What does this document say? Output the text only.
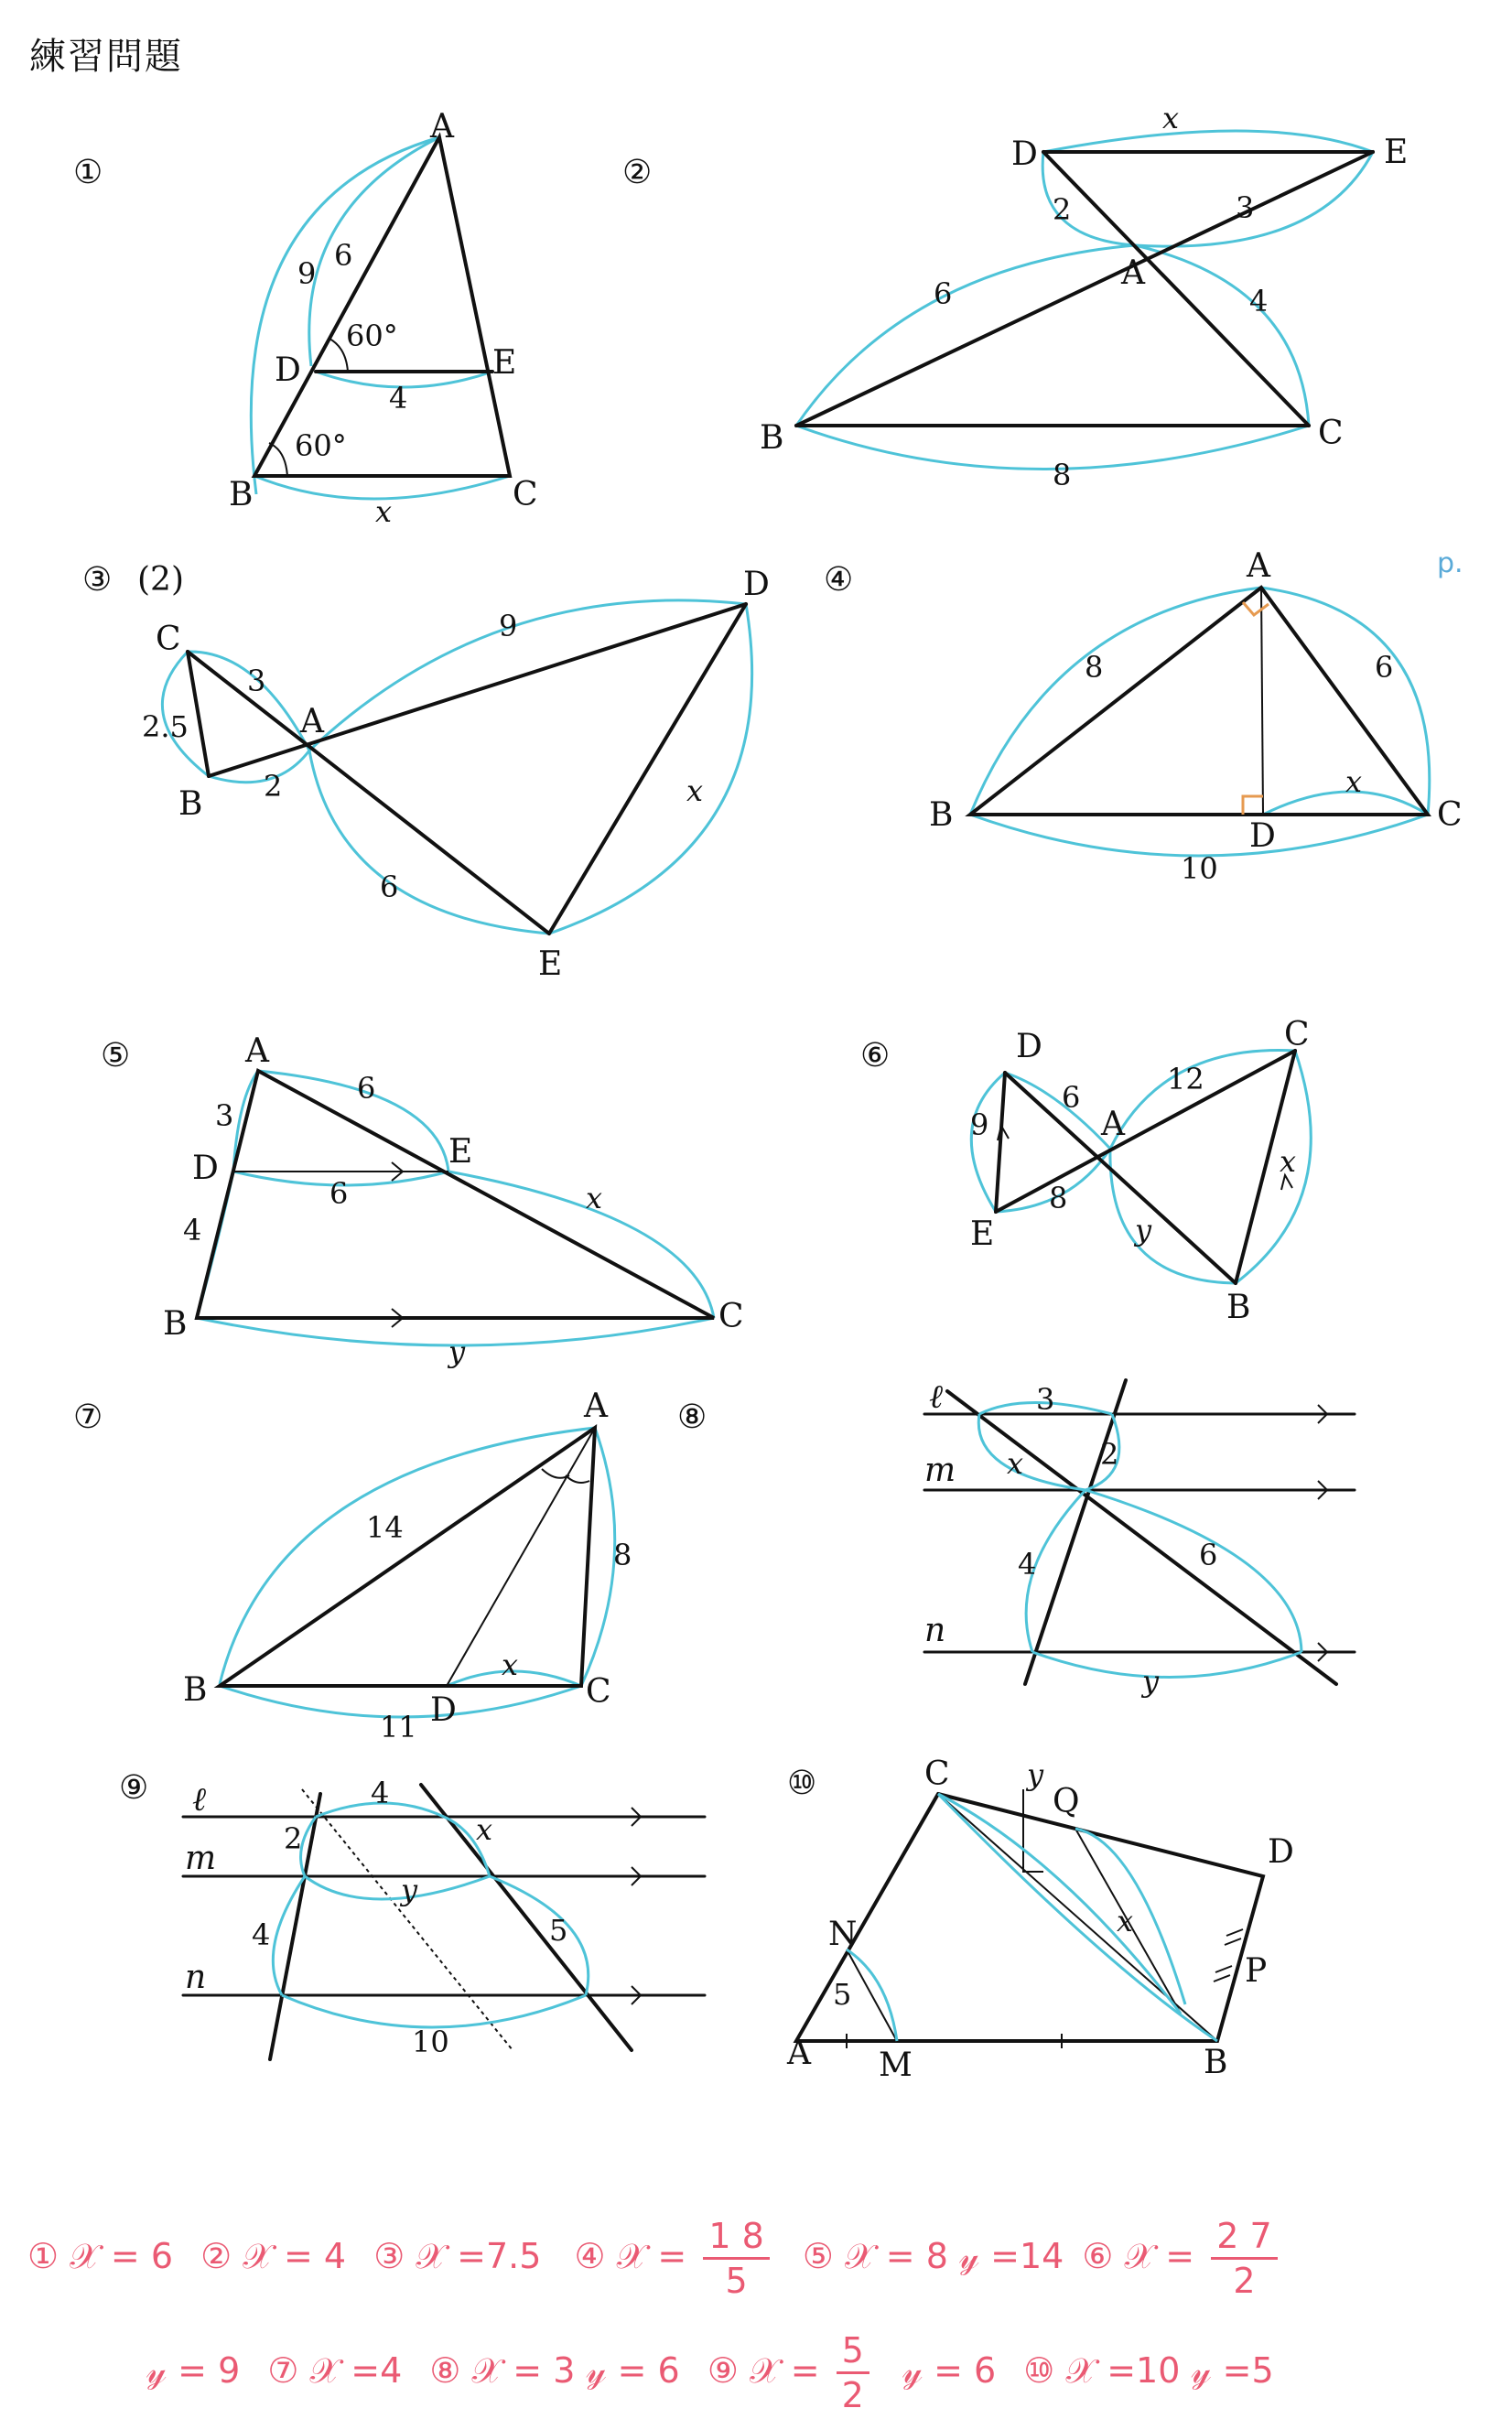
練習問題
①
A
B	C
D	E
9
6
60°
4
60°
x
②	D	E
A
B	C
x
2	3
6	4
8
③ (2)
C
B
A
D
E
3
2.5
2
9
x
6
④	p.
A
B	C
D
8	6
x
10
⑤	A
D	E
B	C
3
4
6
6	x
y
⑥	D
E
A
C
B
9
6
8
12
x
y
⑦	A
B	C
D
14
8
x
11
⑧
ℓ
m
n
3
2
x
4	6
y
⑨ ℓ
m
n
4
2
4
x
5
y
10
⑩	C
A	B
D
M
N
P
Q
5
x
y
① 𝒳 = 6 ② 𝒳 = 4 ③ 𝒳 =7.5 ④ 𝒳 = $\frac{1 8}{5}$ ⑤ 𝒳 = 8 𝓎 =14 ⑥ 𝒳 = $\frac{2 7}{2}$
𝓎 = 9 ⑦ 𝒳 =4 ⑧ 𝒳 = 3 𝓎 = 6 ⑨ 𝒳 = $\frac{5}{2}$ 𝓎 = 6 ⑩ 𝒳 =10 𝓎 =5
